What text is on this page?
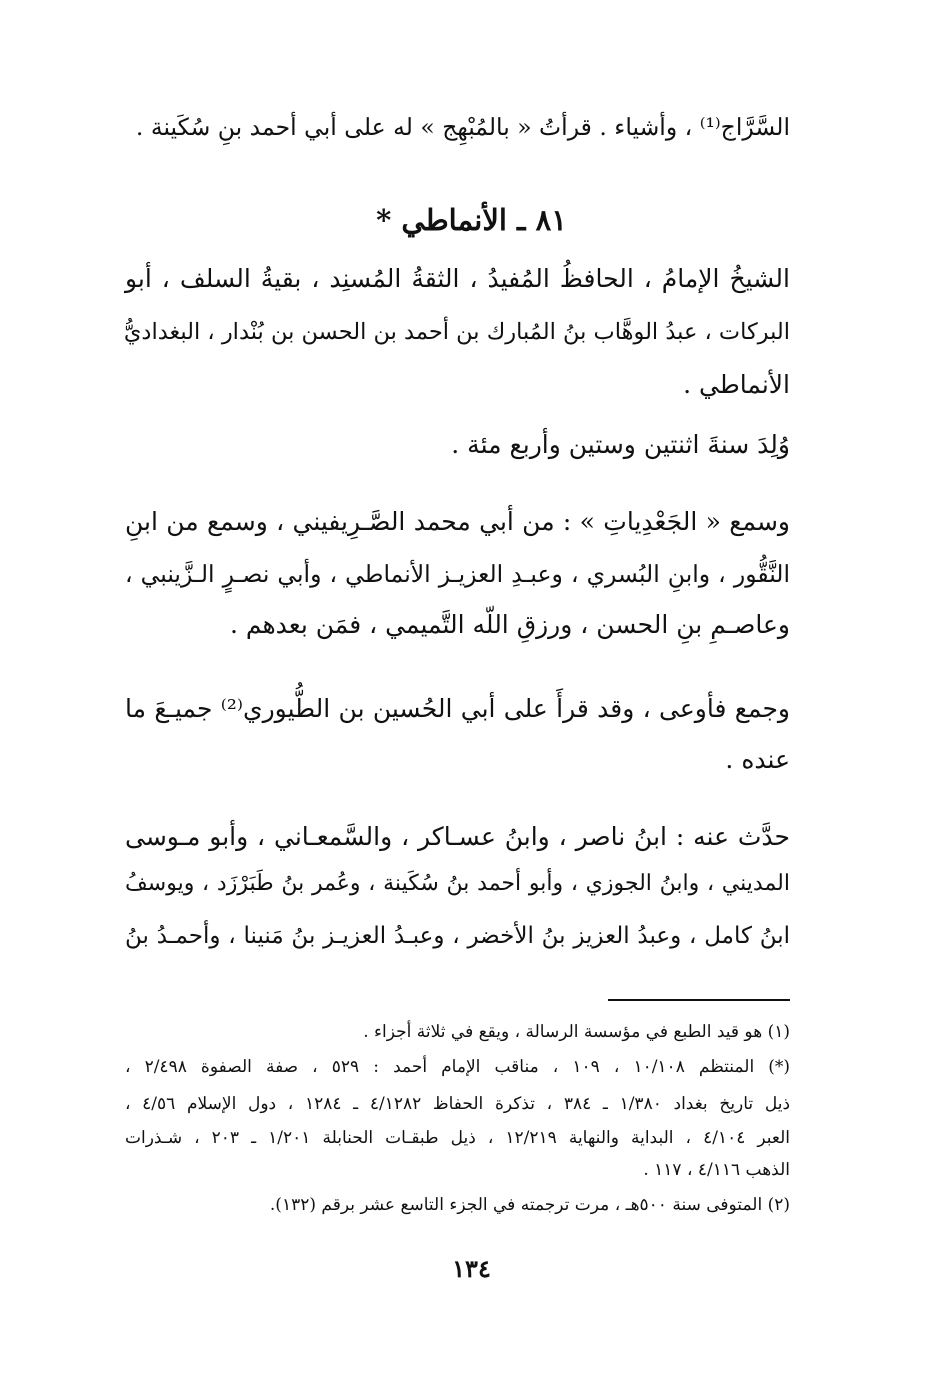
السَّرَّاج⁽¹⁾ ، وأشياء . قرأتُ « بالمُبْهِج » له على أبي أحمد بنِ سُكَينة .
٨١ ـ الأنماطي *
الشيخُ الإمامُ ، الحافظُ المُفيدُ ، الثقةُ المُسنِد ، بقيةُ السلف ، أبو
البركات ، عبدُ الوهَّاب بنُ المُبارك بن أحمد بن الحسن بن بُنْدار ، البغداديُّ
الأنماطي .
وُلِدَ سنةَ اثنتين وستين وأربع مئة .
وسمع « الجَعْدِياتِ » : من أبي محمد الصَّـرِيفيني ، وسمع من ابنِ
النَّقُّور ، وابنِ البُسري ، وعبـدِ العزيـز الأنماطي ، وأبي نصـرٍ الـزَّينبي ،
وعاصـمِ بنِ الحسن ، ورزقِ اللّه التَّميمي ، فمَن بعدهم .
وجمع فأوعى ، وقد قرأَ على أبي الحُسين بن الطُّيوري⁽²⁾ جميـعَ ما
عنده .
حدَّث عنه : ابنُ ناصر ، وابنُ عسـاكر ، والسَّمعـاني ، وأبو مـوسى
المديني ، وابنُ الجوزي ، وأبو أحمد بنُ سُكَينة ، وعُمر بنُ طَبَرْزَد ، ويوسفُ
ابنُ كامل ، وعبدُ العزيز بنُ الأخضر ، وعبـدُ العزيـز بنُ مَنينا ، وأحمـدُ بنُ
(١) هو قيد الطبع في مؤسسة الرسالة ، ويقع في ثلاثة أجزاء .
(*) المنتظم ١٠/١٠٨ ، ١٠٩ ، مناقب الإمام أحمد : ٥٢٩ ، صفة الصفوة ٢/٤٩٨ ،
ذيل تاريخ بغداد ١/٣٨٠ ـ ٣٨٤ ، تذكرة الحفاظ ٤/١٢٨٢ ـ ١٢٨٤ ، دول الإسلام ٤/٥٦ ،
العبر ٤/١٠٤ ، البداية والنهاية ١٢/٢١٩ ، ذيل طبقـات الحنابلة ١/٢٠١ ـ ٢٠٣ ، شـذرات
الذهب ٤/١١٦ ، ١١٧ .
(٢) المتوفى سنة ٥٠٠هـ ، مرت ترجمته في الجزء التاسع عشر برقم (١٣٢).
١٣٤
